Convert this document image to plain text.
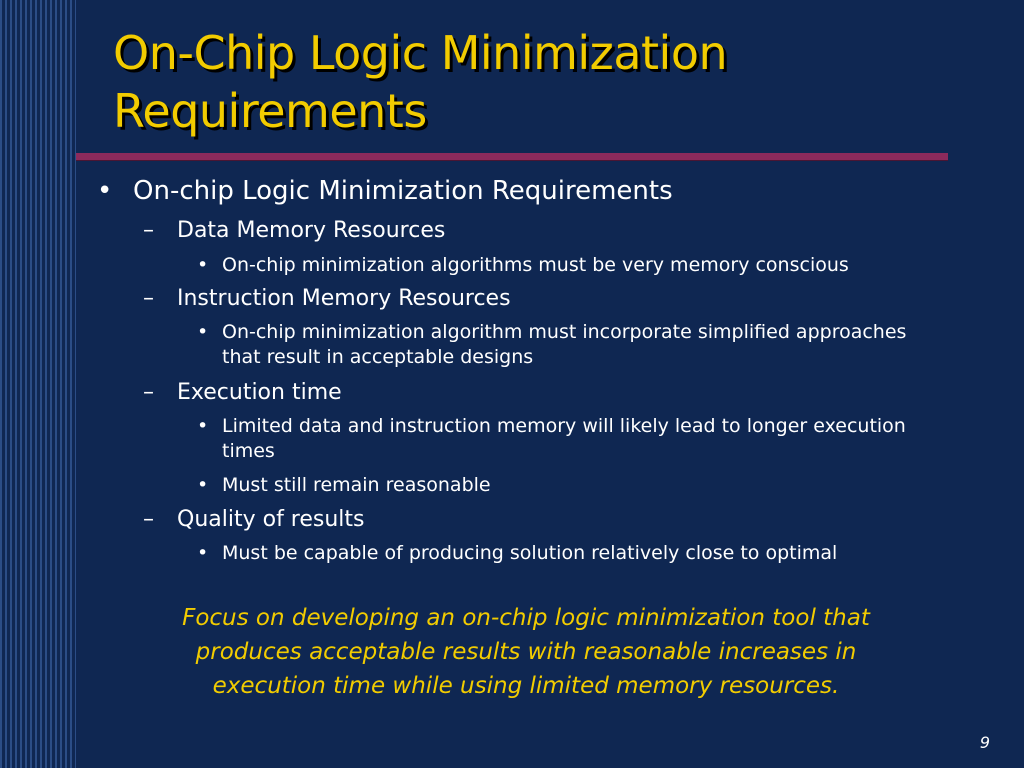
On-Chip Logic Minimization
Requirements
• On-chip Logic Minimization Requirements
– Data Memory Resources
• On-chip minimization algorithms must be very memory conscious
– Instruction Memory Resources
• On-chip minimization algorithm must incorporate simplified approaches that result in acceptable designs
– Execution time
• Limited data and instruction memory will likely lead to longer execution times
• Must still remain reasonable
– Quality of results
• Must be capable of producing solution relatively close to optimal
Focus on developing an on-chip logic minimization tool that
produces acceptable results with reasonable increases in
execution time while using limited memory resources.
9
